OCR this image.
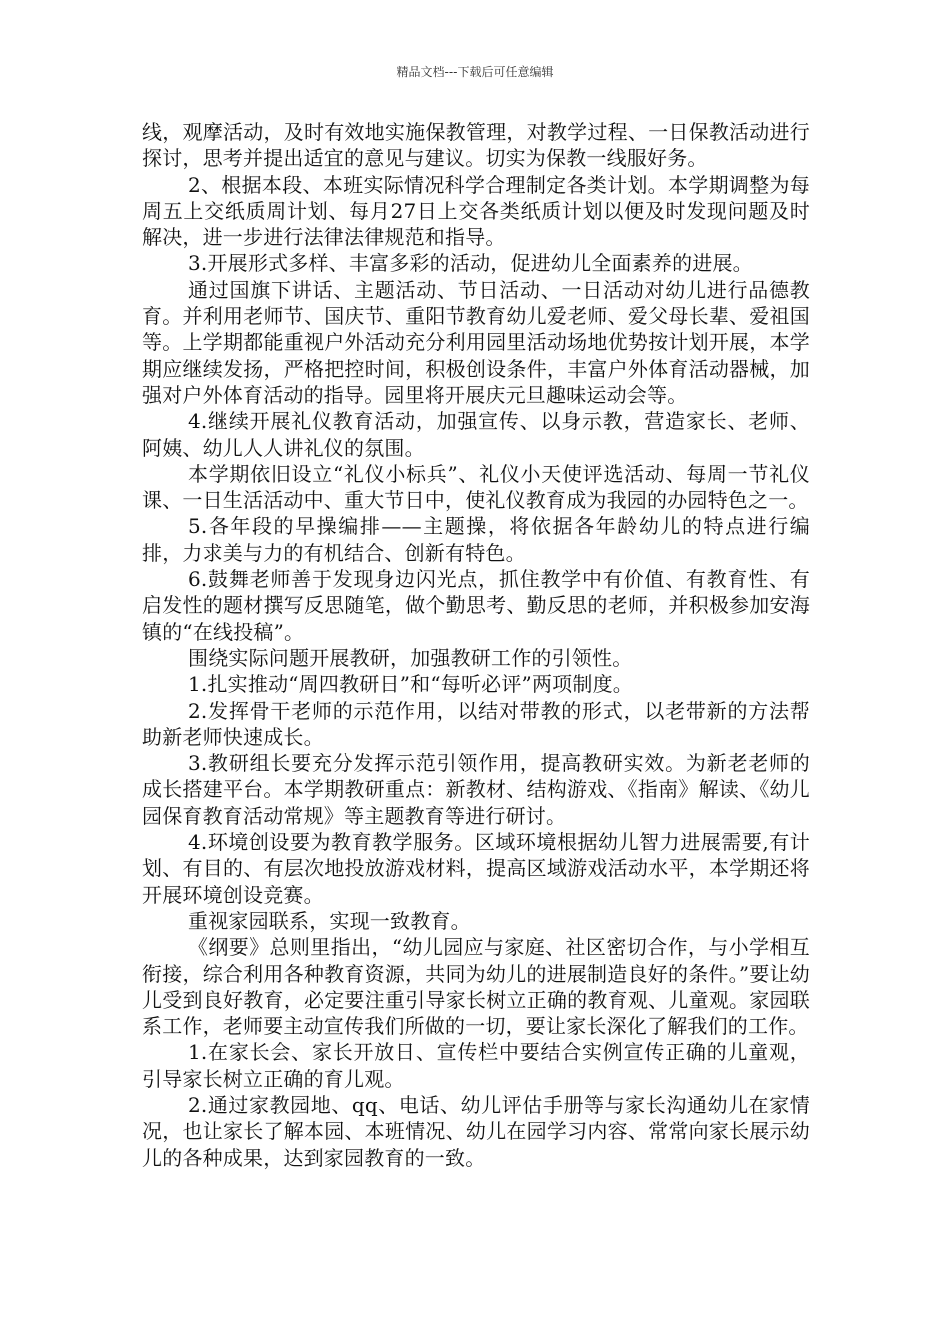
精品文档---下载后可任意编辑

线，观摩活动，及时有效地实施保教管理，对教学过程、一日保教活动进行探讨，思考并提出适宜的意见与建议。切实为保教一线服好务。

2、根据本段、本班实际情况科学合理制定各类计划。本学期调整为每周五上交纸质周计划、每月27日上交各类纸质计划以便及时发现问题及时解决，进一步进行法律法律规范和指导。

3.开展形式多样、丰富多彩的活动，促进幼儿全面素养的进展。

通过国旗下讲话、主题活动、节日活动、一日活动对幼儿进行品德教育。并利用老师节、国庆节、重阳节教育幼儿爱老师、爱父母长辈、爱祖国等。上学期都能重视户外活动充分利用园里活动场地优势按计划开展，本学期应继续发扬，严格把控时间，积极创设条件，丰富户外体育活动器械，加强对户外体育活动的指导。园里将开展庆元旦趣味运动会等。

4.继续开展礼仪教育活动，加强宣传、以身示教，营造家长、老师、阿姨、幼儿人人讲礼仪的氛围。

本学期依旧设立“礼仪小标兵”、礼仪小天使评选活动、每周一节礼仪课、一日生活活动中、重大节日中，使礼仪教育成为我园的办园特色之一。

5.各年段的早操编排——主题操，将依据各年龄幼儿的特点进行编排，力求美与力的有机结合、创新有特色。

6.鼓舞老师善于发现身边闪光点，抓住教学中有价值、有教育性、有启发性的题材撰写反思随笔，做个勤思考、勤反思的老师，并积极参加安海镇的“在线投稿”。

围绕实际问题开展教研，加强教研工作的引领性。

1.扎实推动“周四教研日”和“每听必评”两项制度。

2.发挥骨干老师的示范作用，以结对带教的形式，以老带新的方法帮助新老师快速成长。

3.教研组长要充分发挥示范引领作用，提高教研实效。为新老老师的成长搭建平台。本学期教研重点：新教材、结构游戏、《指南》解读、《幼儿园保育教育活动常规》等主题教育等进行研讨。

4.环境创设要为教育教学服务。区域环境根据幼儿智力进展需要,有计划、有目的、有层次地投放游戏材料，提高区域游戏活动水平，本学期还将开展环境创设竞赛。

重视家园联系，实现一致教育。

《纲要》总则里指出，“幼儿园应与家庭、社区密切合作，与小学相互衔接，综合利用各种教育资源，共同为幼儿的进展制造良好的条件。”要让幼儿受到良好教育，必定要注重引导家长树立正确的教育观、儿童观。家园联系工作，老师要主动宣传我们所做的一切，要让家长深化了解我们的工作。

1.在家长会、家长开放日、宣传栏中要结合实例宣传正确的儿童观，引导家长树立正确的育儿观。

2.通过家教园地、qq、电话、幼儿评估手册等与家长沟通幼儿在家情况，也让家长了解本园、本班情况、幼儿在园学习内容、常常向家长展示幼儿的各种成果，达到家园教育的一致。
